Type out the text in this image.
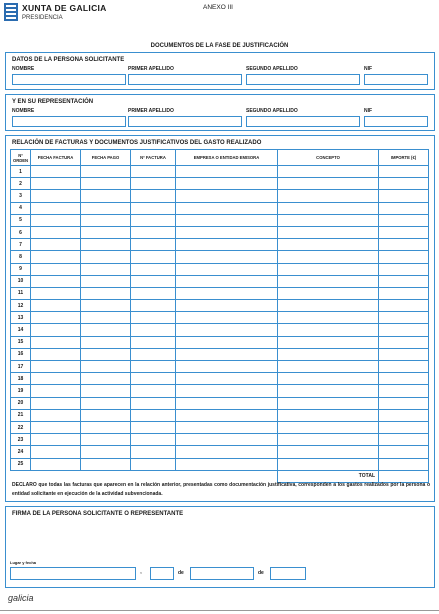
XUNTA DE GALICIA
PRESIDENCIA
ANEXO III
DOCUMENTOS DE LA FASE DE JUSTIFICACIÓN
DATOS DE LA PERSONA SOLICITANTE
NOMBRE	PRIMER APELLIDO	SEGUNDO APELLIDO	NIF
Y EN SU REPRESENTACIÓN
NOMBRE	PRIMER APELLIDO	SEGUNDO APELLIDO	NIF
RELACIÓN DE FACTURAS Y DOCUMENTOS JUSTIFICATIVOS DEL GASTO REALIZADO
Nº ORDEN	FECHA FACTURA	FECHA PAGO	Nº FACTURA	EMPRESA O ENTIDAD EMISORA	CONCEPTO	IMPORTE (€)
1						
2						
3						
4						
5						
6						
7						
8						
9						
10						
11						
12						
13						
14						
15						
16						
17						
18						
19						
20						
21						
22						
23						
24						
25						
					TOTAL	
DECLARO que todas las facturas que aparecen en la relación anterior, presentadas como documentación justificativa, corresponden a los gastos realizados por la persona o entidad solicitante en ejecución de la actividad subvencionada.
FIRMA DE LA PERSONA SOLICITANTE O REPRESENTANTE
Lugar y fecha
,	de	de
galicia
